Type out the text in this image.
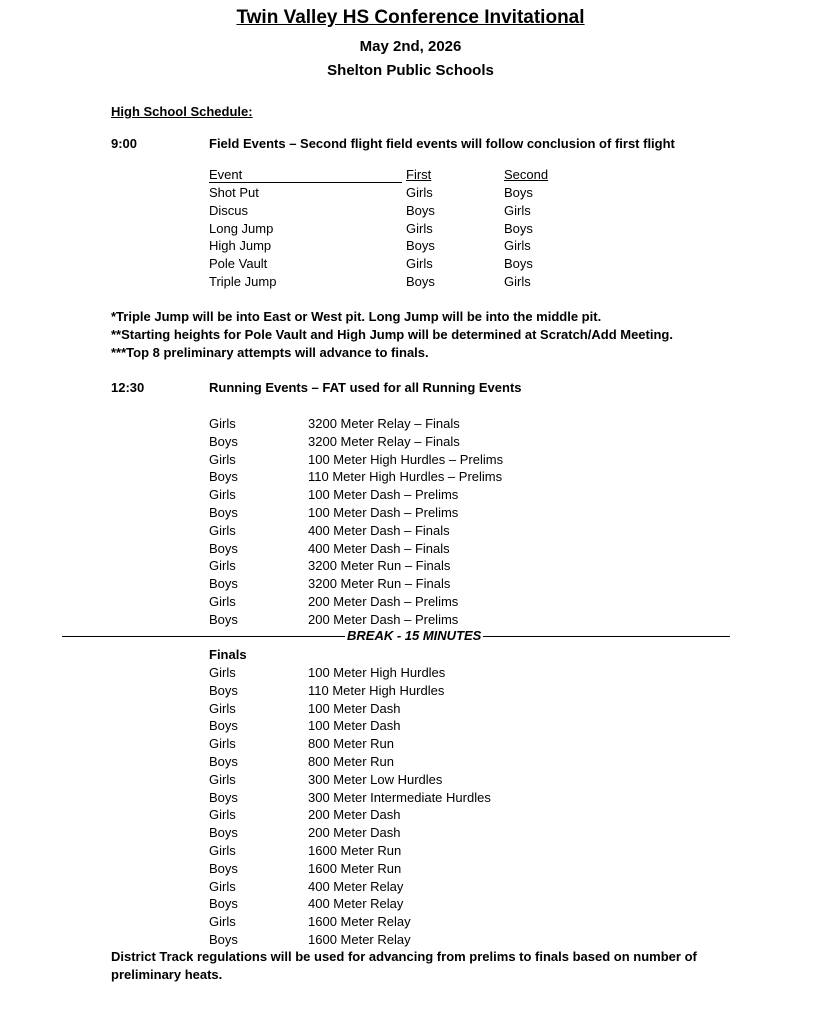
Twin Valley HS Conference Invitational
May 2nd, 2026
Shelton Public Schools
High School Schedule:
9:00	Field Events – Second flight field events will follow conclusion of first flight
Event	First	Second
Shot Put	Girls	Boys
Discus	Boys	Girls
Long Jump	Girls	Boys
High Jump	Boys	Girls
Pole Vault	Girls	Boys
Triple Jump	Boys	Girls
*Triple Jump will be into East or West pit. Long Jump will be into the middle pit.
**Starting heights for Pole Vault and High Jump will be determined at Scratch/Add Meeting.
***Top 8 preliminary attempts will advance to finals.
12:30	Running Events – FAT used for all Running Events
Girls	3200 Meter Relay – Finals
Boys	3200 Meter Relay – Finals
Girls	100 Meter High Hurdles – Prelims
Boys	110 Meter High Hurdles – Prelims
Girls	100 Meter Dash – Prelims
Boys	100 Meter Dash – Prelims
Girls	400 Meter Dash – Finals
Boys	400 Meter Dash – Finals
Girls	3200 Meter Run – Finals
Boys	3200 Meter Run – Finals
Girls	200 Meter Dash – Prelims
Boys	200 Meter Dash – Prelims
BREAK - 15 MINUTES
Finals
Girls	100 Meter High Hurdles
Boys	110 Meter High Hurdles
Girls	100 Meter Dash
Boys	100 Meter Dash
Girls	800 Meter Run
Boys	800 Meter Run
Girls	300 Meter Low Hurdles
Boys	300 Meter Intermediate Hurdles
Girls	200 Meter Dash
Boys	200 Meter Dash
Girls	1600 Meter Run
Boys	1600 Meter Run
Girls	400 Meter Relay
Boys	400 Meter Relay
Girls	1600 Meter Relay
Boys	1600 Meter Relay
District Track regulations will be used for advancing from prelims to finals based on number of
preliminary heats.
